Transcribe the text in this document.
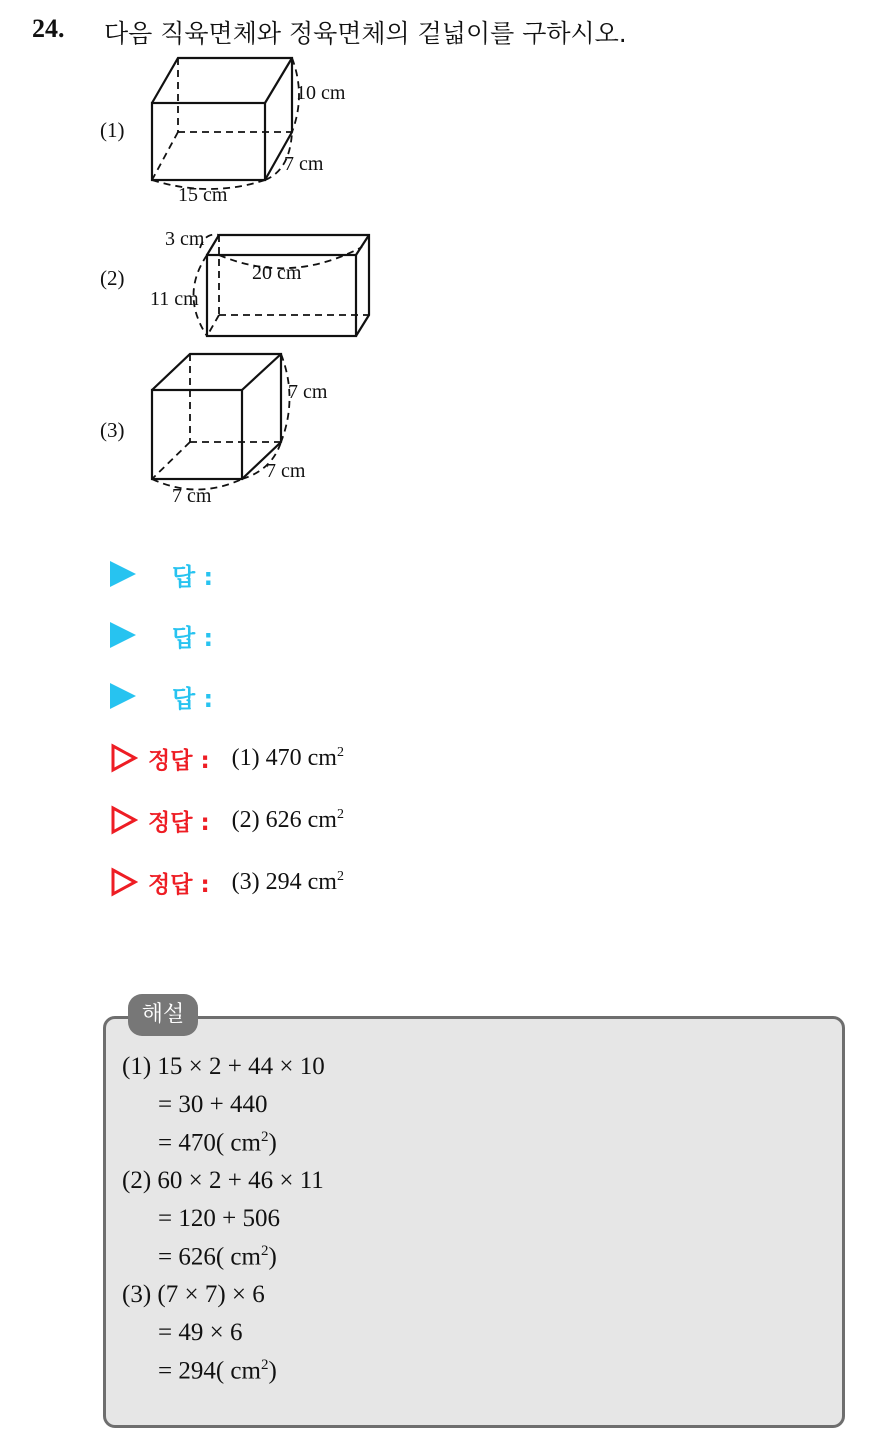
24. 다음 직육면체와 정육면체의 겉넓이를 구하시오.
(1)
(2)
(3)
10 cm
7 cm
15 cm
3 cm
20 cm
11 cm
7 cm
7 cm
7 cm
답 :
답 :
답 :
정답 : (1) 470 $cm^2$
정답 : (2) 626 $cm^2$
정답 : (3) 294 $cm^2$
해설
(1) 15 × 2 + 44 × 10
= 30 + 440
= 470( $cm^2$)
(2) 60 × 2 + 46 × 11
= 120 + 506
= 626( $cm^2$)
(3) (7 × 7) × 6
= 49 × 6
= 294( $cm^2$)
